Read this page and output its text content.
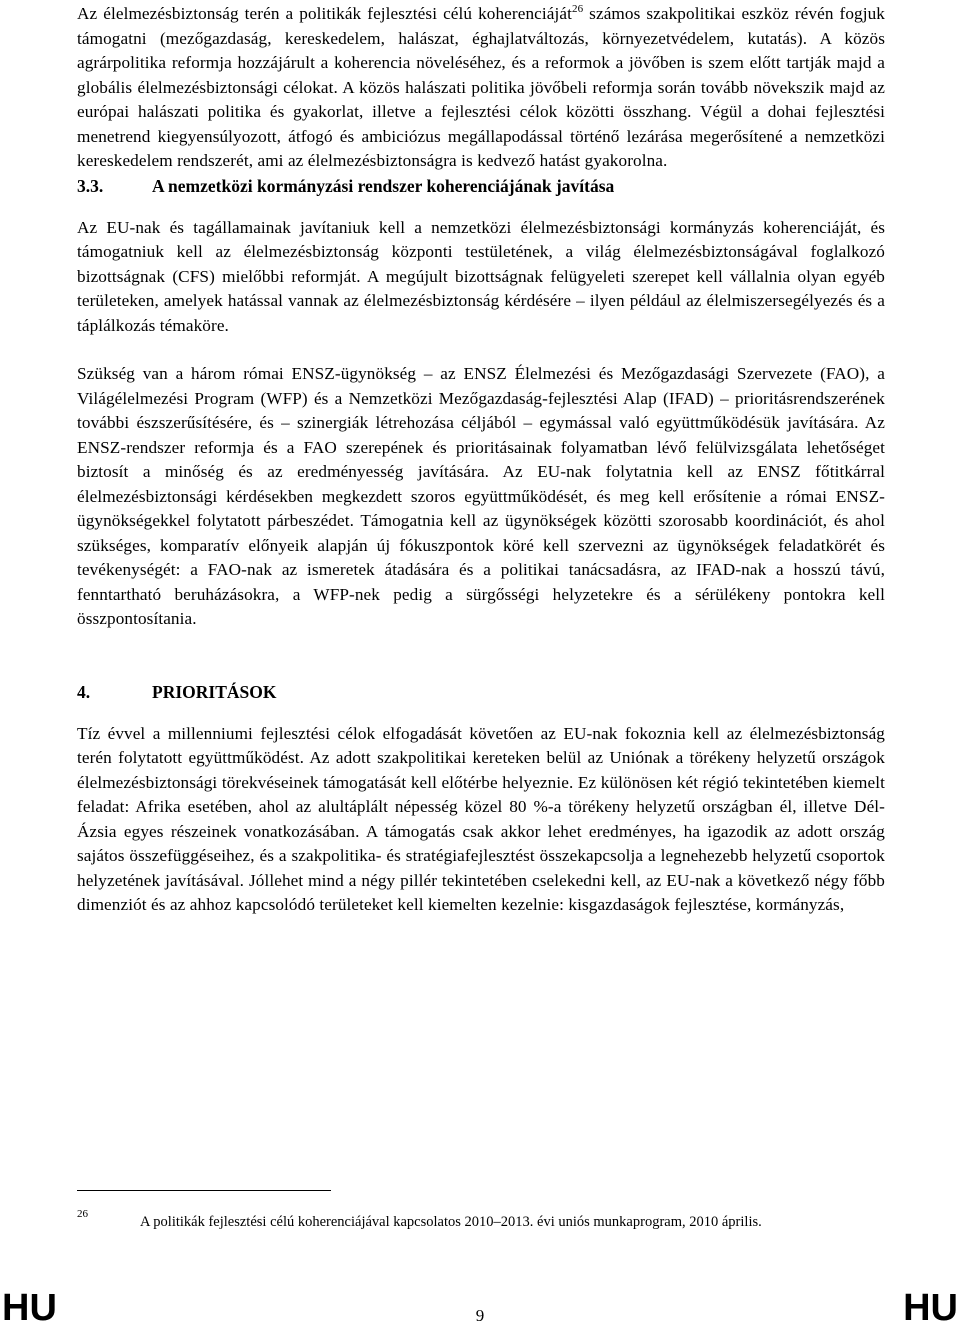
Az élelmezésbiztonság terén a politikák fejlesztési célú koherenciáját$^{26}$ számos szakpolitikai eszköz révén fogjuk támogatni (mezőgazdaság, kereskedelem, halászat, éghajlatváltozás, környezetvédelem, kutatás). A közös agrárpolitika reformja hozzájárult a koherencia növeléséhez, és a reformok a jövőben is szem előtt tartják majd a globális élelmezésbiztonsági célokat. A közös halászati politika jövőbeli reformja során tovább növekszik majd az európai halászati politika és gyakorlat, illetve a fejlesztési célok közötti összhang. Végül a dohai fejlesztési menetrend kiegyensúlyozott, átfogó és ambiciózus megállapodással történő lezárása megerősítené a nemzetközi kereskedelem rendszerét, ami az élelmezésbiztonságra is kedvező hatást gyakorolna.

3.3.	A nemzetközi kormányzási rendszer koherenciájának javítása

Az EU-nak és tagállamainak javítaniuk kell a nemzetközi élelmezésbiztonsági kormányzás koherenciáját, és támogatniuk kell az élelmezésbiztonság központi testületének, a világ élelmezésbiztonságával foglalkozó bizottságnak (CFS) mielőbbi reformját. A megújult bizottságnak felügyeleti szerepet kell vállalnia olyan egyéb területeken, amelyek hatással vannak az élelmezésbiztonság kérdésére – ilyen például az élelmiszersegélyezés és a táplálkozás témaköre.

Szükség van a három római ENSZ-ügynökség – az ENSZ Élelmezési és Mezőgazdasági Szervezete (FAO), a Világélelmezési Program (WFP) és a Nemzetközi Mezőgazdaság-fejlesztési Alap (IFAD) – prioritásrendszerének további észszerűsítésére, és – szinergiák létrehozása céljából – egymással való együttműködésük javítására. Az ENSZ-rendszer reformja és a FAO szerepének és prioritásainak folyamatban lévő felülvizsgálata lehetőséget biztosít a minőség és az eredményesség javítására. Az EU-nak folytatnia kell az ENSZ főtitkárral élelmezésbiztonsági kérdésekben megkezdett szoros együttműködését, és meg kell erősítenie a római ENSZ-ügynökségekkel folytatott párbeszédet. Támogatnia kell az ügynökségek közötti szorosabb koordinációt, és ahol szükséges, komparatív előnyeik alapján új fókuszpontok köré kell szervezni az ügynökségek feladatkörét és tevékenységét: a FAO-nak az ismeretek átadására és a politikai tanácsadásra, az IFAD-nak a hosszú távú, fenntartható beruházásokra, a WFP-nek pedig a sürgősségi helyzetekre és a sérülékeny pontokra kell összpontosítania.

4.	PRIORITÁSOK

Tíz évvel a millenniumi fejlesztési célok elfogadását követően az EU-nak fokoznia kell az élelmezésbiztonság terén folytatott együttműködést. Az adott szakpolitikai kereteken belül az Uniónak a törékeny helyzetű országok élelmezésbiztonsági törekvéseinek támogatását kell előtérbe helyeznie. Ez különösen két régió tekintetében kiemelt feladat: Afrika esetében, ahol az alultáplált népesség közel 80 %-a törékeny helyzetű országban él, illetve Dél-Ázsia egyes részeinek vonatkozásában. A támogatás csak akkor lehet eredményes, ha igazodik az adott ország sajátos összefüggéseihez, és a szakpolitika- és stratégiafejlesztést összekapcsolja a legnehezebb helyzetű csoportok helyzetének javításával. Jóllehet mind a négy pillér tekintetében cselekedni kell, az EU-nak a következő négy főbb dimenziót és az ahhoz kapcsolódó területeket kell kiemelten kezelnie: kisgazdaságok fejlesztése, kormányzás,

26	A politikák fejlesztési célú koherenciájával kapcsolatos 2010–2013. évi uniós munkaprogram, 2010 április.
HU	9	HU
